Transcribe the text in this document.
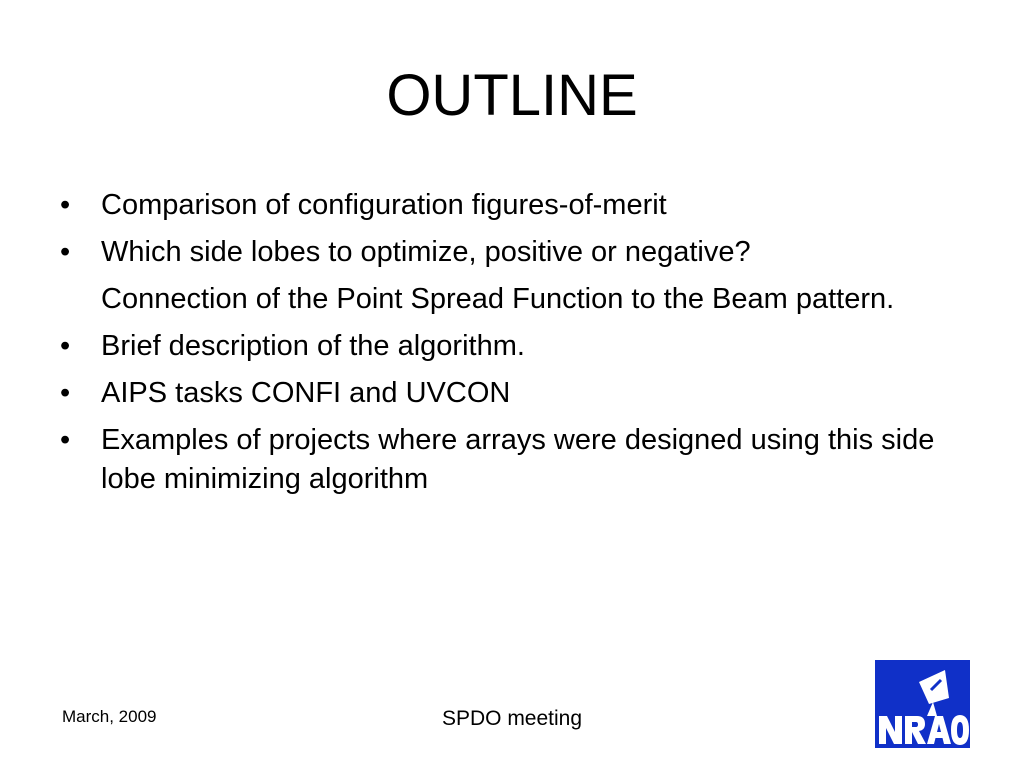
OUTLINE
•	Comparison of configuration figures-of-merit
•	Which side lobes to optimize, positive or negative?
Connection of the Point Spread Function to the Beam pattern.
•	Brief description of the algorithm.
•	AIPS tasks CONFI and UVCON
•	Examples of projects where arrays were designed using this side lobe minimizing algorithm
March, 2009	SPDO meeting
